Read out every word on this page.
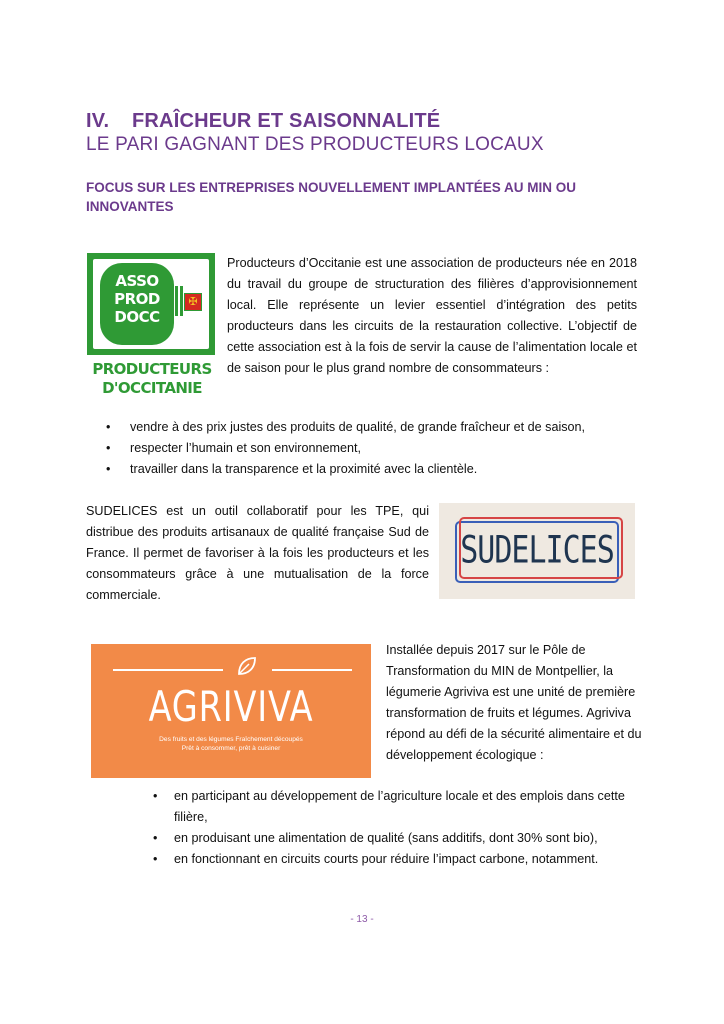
IV. FRAÎCHEUR ET SAISONNALITÉ
LE PARI GAGNANT DES PRODUCTEURS LOCAUX
FOCUS SUR LES ENTREPRISES NOUVELLEMENT IMPLANTÉES AU MIN OU INNOVANTES
ASSO
PROD
DOCC
✠
PRODUCTEURS
D'OCCITANIE
Producteurs d’Occitanie est une association de producteurs née en 2018 du travail du groupe de structuration des filières d’approvisionnement local. Elle représente un levier essentiel d’intégration des petits producteurs dans les circuits de la restauration collective. L’objectif de cette association est à la fois de servir la cause de l’alimentation locale et de saison pour le plus grand nombre de consommateurs :
• vendre à des prix justes des produits de qualité, de grande fraîcheur et de saison,
• respecter l’humain et son environnement,
• travailler dans la transparence et la proximité avec la clientèle.
SUDELICES est un outil collaboratif pour les TPE, qui distribue des produits artisanaux de qualité française Sud de France. Il permet de favoriser à la fois les producteurs et les consommateurs grâce à une mutualisation de la force commerciale.
SUDELICES
AGRIVIVA
Des fruits et des légumes Fraîchement découpés
Prêt à consommer, prêt à cuisiner
Installée depuis 2017 sur le Pôle de Transformation du MIN de Montpellier, la légumerie Agriviva est une unité de première transformation de fruits et légumes. Agriviva répond au défi de la sécurité alimentaire et du développement écologique :
• en participant au développement de l’agriculture locale et des emplois dans cette filière,
• en produisant une alimentation de qualité (sans additifs, dont 30% sont bio),
• en fonctionnant en circuits courts pour réduire l’impact carbone, notamment.
- 13 -
